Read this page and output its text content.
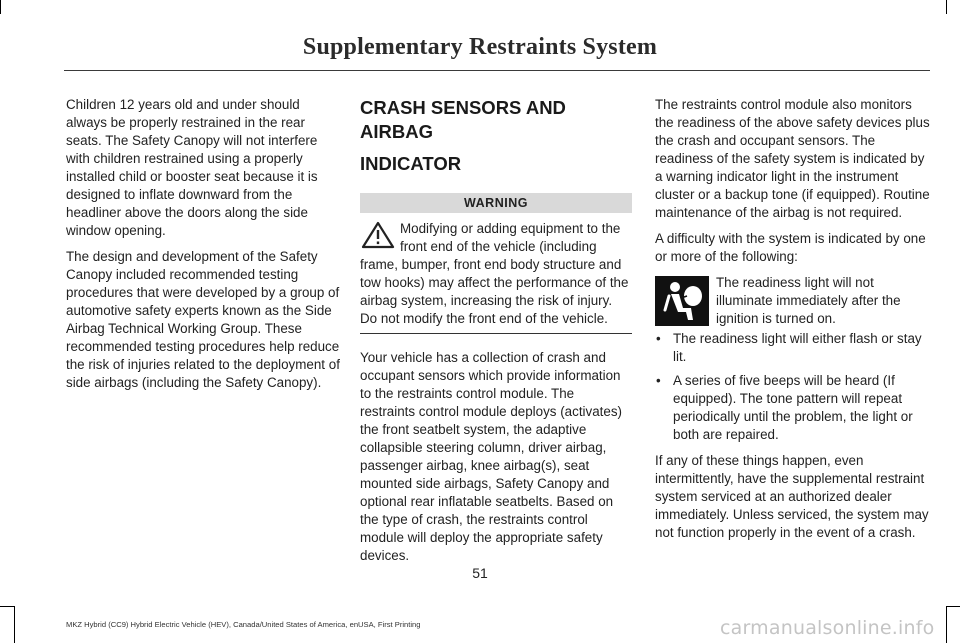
Supplementary Restraints System

Children 12 years old and under should always be properly restrained in the rear seats. The Safety Canopy will not interfere with children restrained using a properly installed child or booster seat because it is designed to inflate downward from the headliner above the doors along the side window opening.

The design and development of the Safety Canopy included recommended testing procedures that were developed by a group of automotive safety experts known as the Side Airbag Technical Working Group. These recommended testing procedures help reduce the risk of injuries related to the deployment of side airbags (including the Safety Canopy).

CRASH SENSORS AND AIRBAG
INDICATOR
WARNING
Modifying or adding equipment to the front end of the vehicle (including frame, bumper, front end body structure and tow hooks) may affect the performance of the airbag system, increasing the risk of injury. Do not modify the front end of the vehicle.

Your vehicle has a collection of crash and occupant sensors which provide information to the restraints control module. The restraints control module deploys (activates) the front seatbelt system, the adaptive collapsible steering column, driver airbag, passenger airbag, knee airbag(s), seat mounted side airbags, Safety Canopy and optional rear inflatable seatbelts. Based on the type of crash, the restraints control module will deploy the appropriate safety devices.

The restraints control module also monitors the readiness of the above safety devices plus the crash and occupant sensors. The readiness of the safety system is indicated by a warning indicator light in the instrument cluster or a backup tone (if equipped). Routine maintenance of the airbag is not required.

A difficulty with the system is indicated by one or more of the following:

The readiness light will not illuminate immediately after the ignition is turned on.
• The readiness light will either flash or stay lit.
• A series of five beeps will be heard (If equipped). The tone pattern will repeat periodically until the problem, the light or both are repaired.

If any of these things happen, even intermittently, have the supplemental restraint system serviced at an authorized dealer immediately. Unless serviced, the system may not function properly in the event of a crash.

51
MKZ Hybrid (CC9) Hybrid Electric Vehicle (HEV), Canada/United States of America, enUSA, First Printing	carmanualsonline.info
